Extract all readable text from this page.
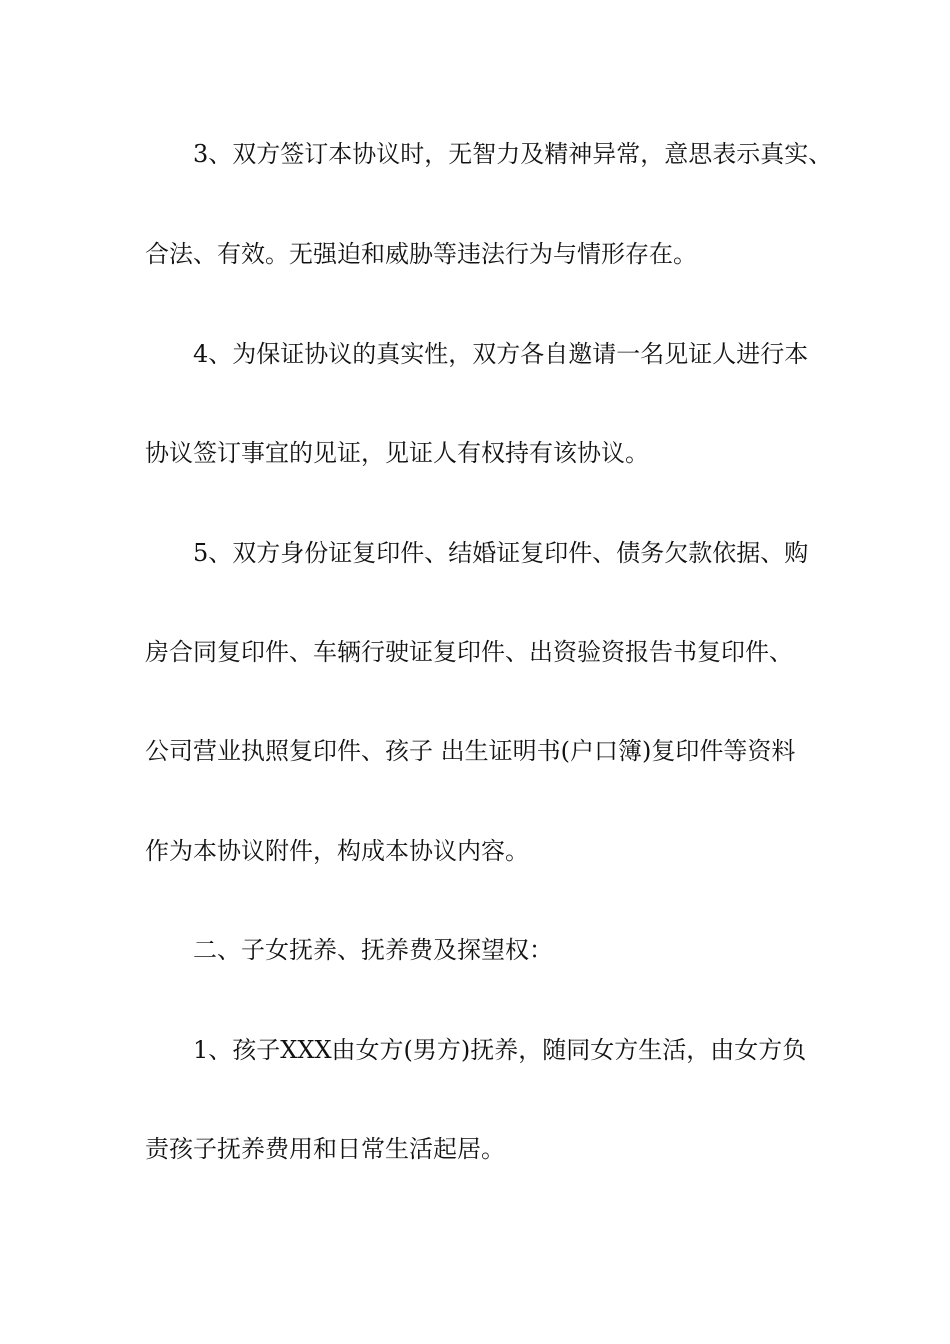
3、双方签订本协议时，无智力及精神异常，意思表示真实、
合法、有效。无强迫和威胁等违法行为与情形存在。
4、为保证协议的真实性，双方各自邀请一名见证人进行本
协议签订事宜的见证，见证人有权持有该协议。
5、双方身份证复印件、结婚证复印件、债务欠款依据、购
房合同复印件、车辆行驶证复印件、出资验资报告书复印件、
公司营业执照复印件、孩子 出生证明书(户口簿)复印件等资料
作为本协议附件，构成本协议内容。
二、子女抚养、抚养费及探望权：
1、孩子XXX由女方(男方)抚养，随同女方生活，由女方负
责孩子抚养费用和日常生活起居。
